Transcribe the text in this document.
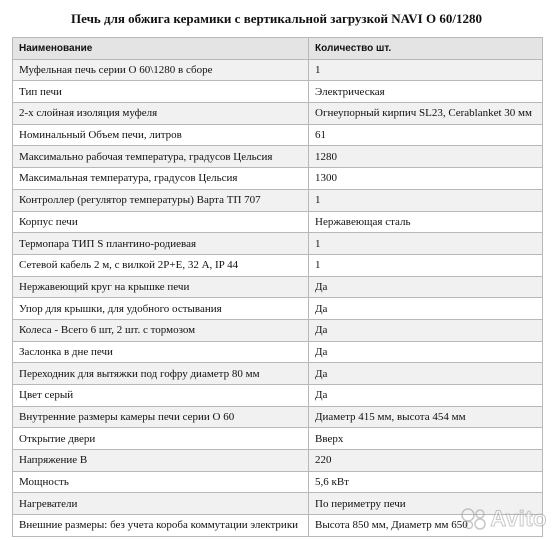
Печь для обжига керамики с вертикальной загрузкой NAVI О 60/1280
Наименование	Количество шт.
Муфельная печь серии О 60\1280 в сборе	1
Тип печи	Электрическая
2-х слойная изоляция муфеля	Огнеупорный кирпич SL23, Cerablanket 30 мм
Номинальный Объем печи, литров	61
Максимально рабочая температура, градусов Цельсия	1280
Максимальная температура, градусов Цельсия	1300
Контроллер (регулятор температуры) Варта ТП 707	1
Корпус печи	Нержавеющая сталь
Термопара ТИП S плантино-родиевая	1
Сетевой кабель 2 м, с вилкой 2Р+Е, 32 А, IP 44	1
Нержавеющий круг на крышке печи	Да
Упор для крышки, для удобного остывания	Да
Колеса - Всего 6 шт, 2 шт. с тормозом	Да
Заслонка в дне печи	Да
Переходник для вытяжки под гофру диаметр 80 мм	Да
Цвет серый	Да
Внутренние размеры камеры печи серии О 60	Диаметр 415 мм, высота 454 мм
Открытие двери	Вверх
Напряжение В	220
Мощность	5,6 кВт
Нагреватели	По периметру печи
Внешние размеры: без учета короба коммутации электрики	Высота 850 мм, Диаметр мм 650 Avito
